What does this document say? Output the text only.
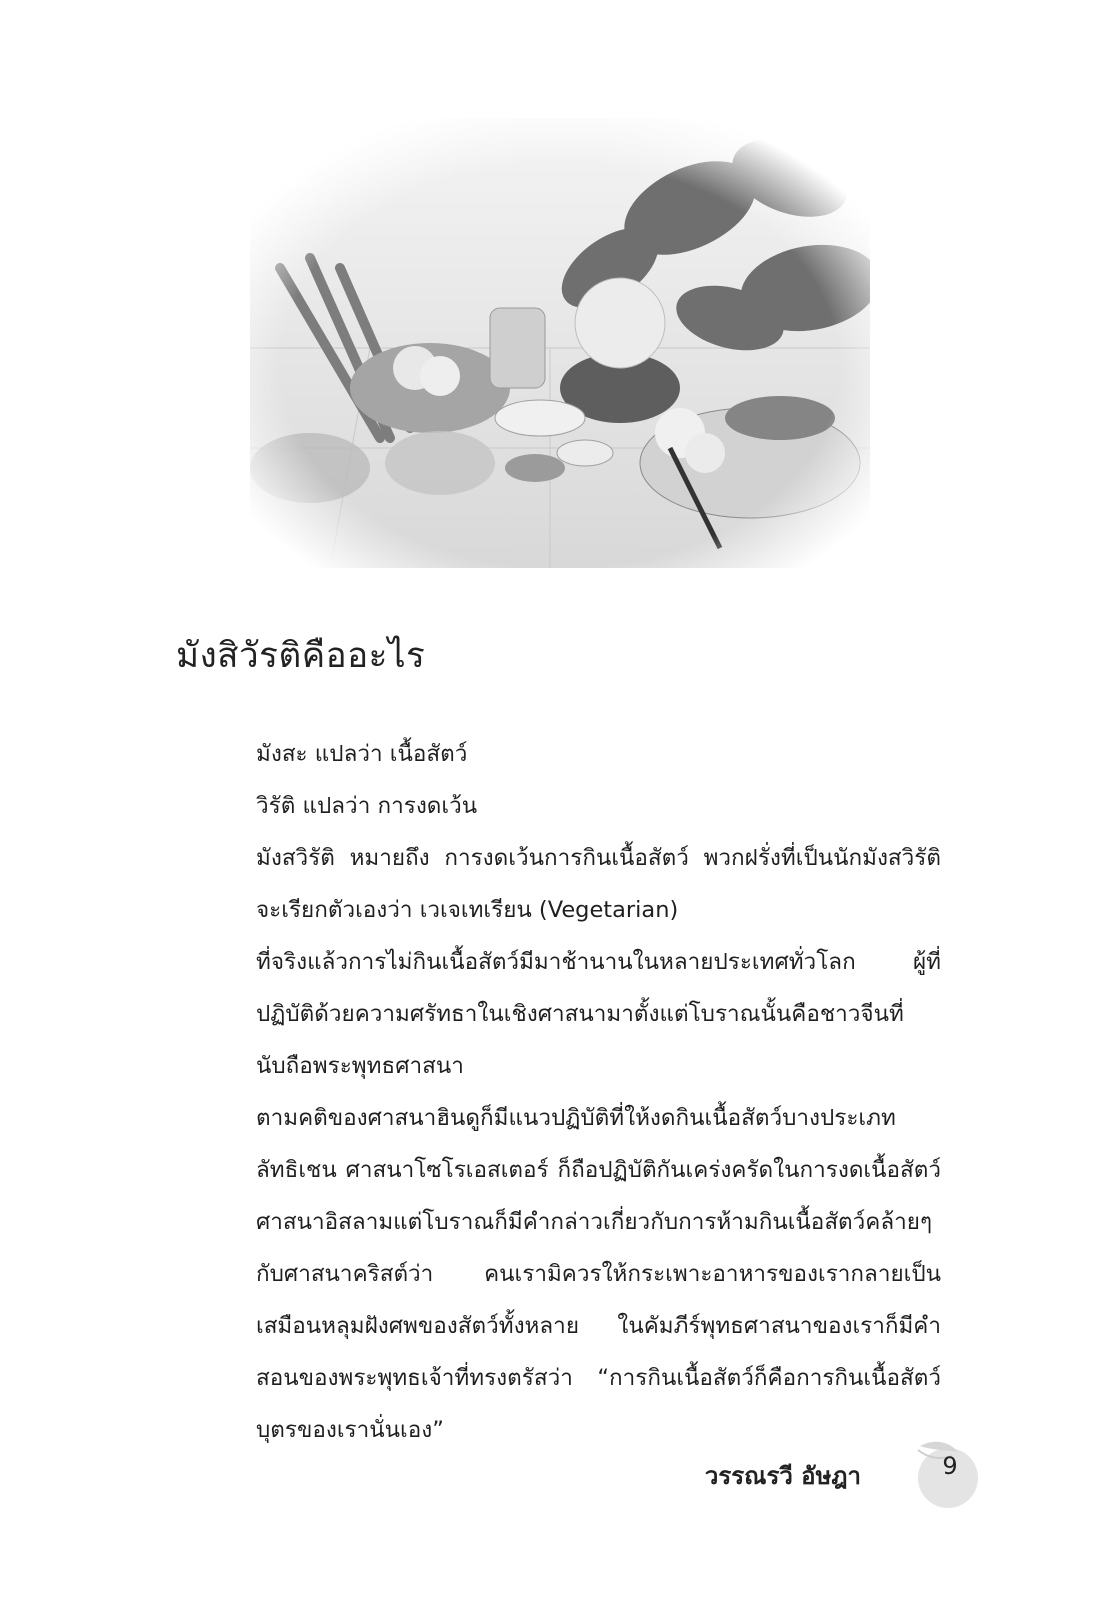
มังสิวัรติคืออะไร

มังสะ แปลว่า เนื้อสัตว์

วิรัติ แปลว่า การงดเว้น

มังสวิรัติ หมายถึง การงดเว้นการกินเนื้อสัตว์ พวกฝรั่งที่เป็นนักมังสวิรัติจะเรียกตัวเองว่า เวเจเทเรียน (Vegetarian)

ที่จริงแล้วการไม่กินเนื้อสัตว์มีมาช้านานในหลายประเทศทั่วโลก ผู้ที่ปฏิบัติด้วยความศรัทธาในเชิงศาสนามาตั้งแต่โบราณนั้นคือชาวจีนที่นับถือพระพุทธศาสนา

ตามคติของศาสนาฮินดูก็มีแนวปฏิบัติที่ให้งดกินเนื้อสัตว์บางประเภท ลัทธิเชน ศาสนาโซโรเอสเตอร์ ก็ถือปฏิบัติกันเคร่งครัดในการงดเนื้อสัตว์ ศาสนาอิสลามแต่โบราณก็มีคำกล่าวเกี่ยวกับการห้ามกินเนื้อสัตว์คล้ายๆ กับศาสนาคริสต์ว่า คนเรามิควรให้กระเพาะอาหารของเรากลายเป็นเสมือนหลุมฝังศพของสัตว์ทั้งหลาย ในคัมภีร์พุทธศาสนาของเราก็มีคำสอนของพระพุทธเจ้าที่ทรงตรัสว่า “การกินเนื้อสัตว์ก็คือการกินเนื้อสัตว์บุตรของเรานั่นเอง”

วรรณรวี อัษฎา	9
